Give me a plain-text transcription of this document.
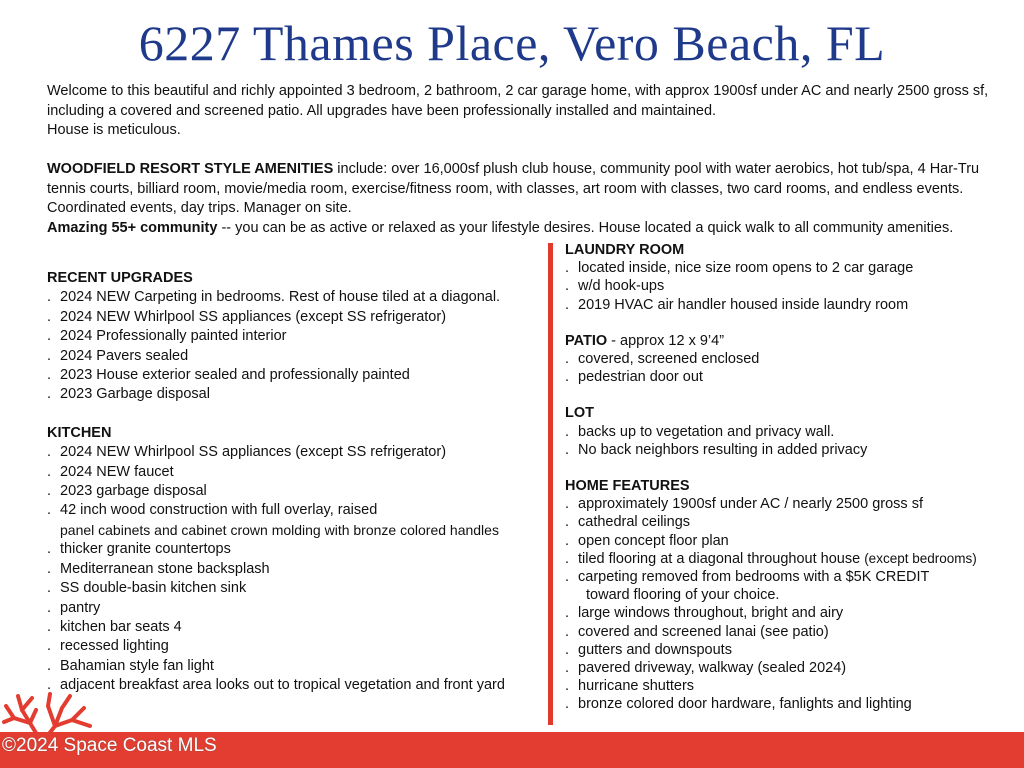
6227 Thames Place, Vero Beach, FL

Welcome to this beautiful and richly appointed 3 bedroom, 2 bathroom, 2 car garage home, with approx 1900sf under AC and nearly 2500 gross sf, including a covered and screened patio. All upgrades have been professionally installed and maintained.

House is meticulous.

WOODFIELD RESORT STYLE AMENITIES include: over 16,000sf plush club house, community pool with water aerobics, hot tub/spa, 4 Har-Tru tennis courts, billiard room, movie/media room, exercise/fitness room, with classes, art room with classes, two card rooms, and endless events. Coordinated events, day trips. Manager on site.

Amazing 55+ community -- you can be as active or relaxed as your lifestyle desires. House located a quick walk to all community amenities.

RECENT UPGRADES

. 2024 NEW Carpeting in bedrooms. Rest of house tiled at a diagonal.

. 2024 NEW Whirlpool SS appliances (except SS refrigerator)

. 2024 Professionally painted interior

. 2024 Pavers sealed

. 2023 House exterior sealed and professionally painted

. 2023 Garbage disposal

KITCHEN

. 2024 NEW Whirlpool SS appliances (except SS refrigerator)

. 2024 NEW faucet

. 2023 garbage disposal

. 42 inch wood construction with full overlay, raised

panel cabinets and cabinet crown molding with bronze colored handles

. thicker granite countertops

. Mediterranean stone backsplash

. SS double-basin kitchen sink

. pantry

. kitchen bar seats 4

. recessed lighting

. Bahamian style fan light

. adjacent breakfast area looks out to tropical vegetation and front yard

LAUNDRY ROOM

. located inside, nice size room opens to 2 car garage

. w/d hook-ups

. 2019 HVAC air handler housed inside laundry room

PATIO - approx 12 x 9’4”

. covered, screened enclosed

. pedestrian door out

LOT

. backs up to vegetation and privacy wall.

. No back neighbors resulting in added privacy

HOME FEATURES

. approximately 1900sf under AC / nearly 2500 gross sf

. cathedral ceilings

. open concept floor plan

. tiled flooring at a diagonal throughout house (except bedrooms)

. carpeting removed from bedrooms with a $5K CREDIT

toward flooring of your choice.

. large windows throughout, bright and airy

. covered and screened lanai (see patio)

. gutters and downspouts

. pavered driveway, walkway (sealed 2024)

. hurricane shutters

. bronze colored door hardware, fanlights and lighting

©2024 Space Coast MLS
